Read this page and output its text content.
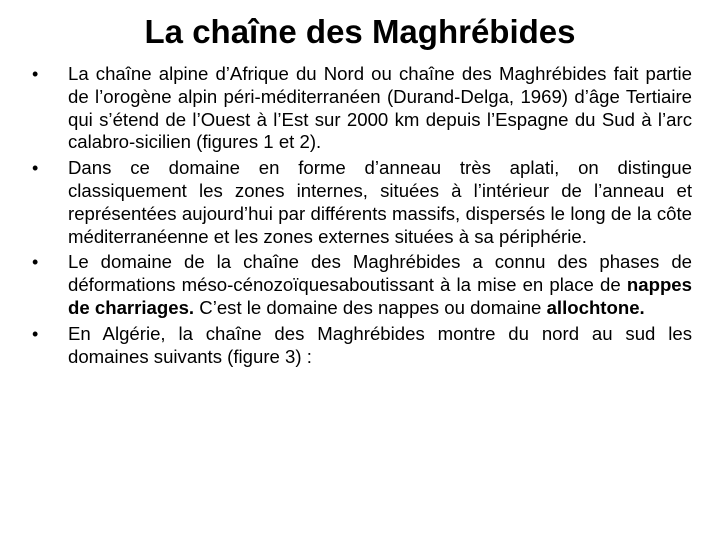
La chaîne des Maghrébides
• La chaîne alpine d’Afrique du Nord ou chaîne des Maghrébides fait partie de l’orogène alpin péri-méditerranéen (Durand-Delga, 1969) d’âge Tertiaire qui s’étend de l’Ouest à l’Est sur 2000 km depuis l’Espagne du Sud à l’arc calabro-sicilien (figures 1 et 2).
• Dans ce domaine en forme d’anneau très aplati, on distingue classiquement les zones internes, situées à l’intérieur de l’anneau et représentées aujourd’hui par différents massifs, dispersés le long de la côte méditerranéenne et les zones externes situées à sa périphérie.
• Le domaine de la chaîne des Maghrébides a connu des phases de déformations méso-cénozoïquesaboutissant à la mise en place de nappes de charriages. C’est le domaine des nappes ou domaine allochtone.
• En Algérie, la chaîne des Maghrébides montre du nord au sud les domaines suivants (figure 3) :
